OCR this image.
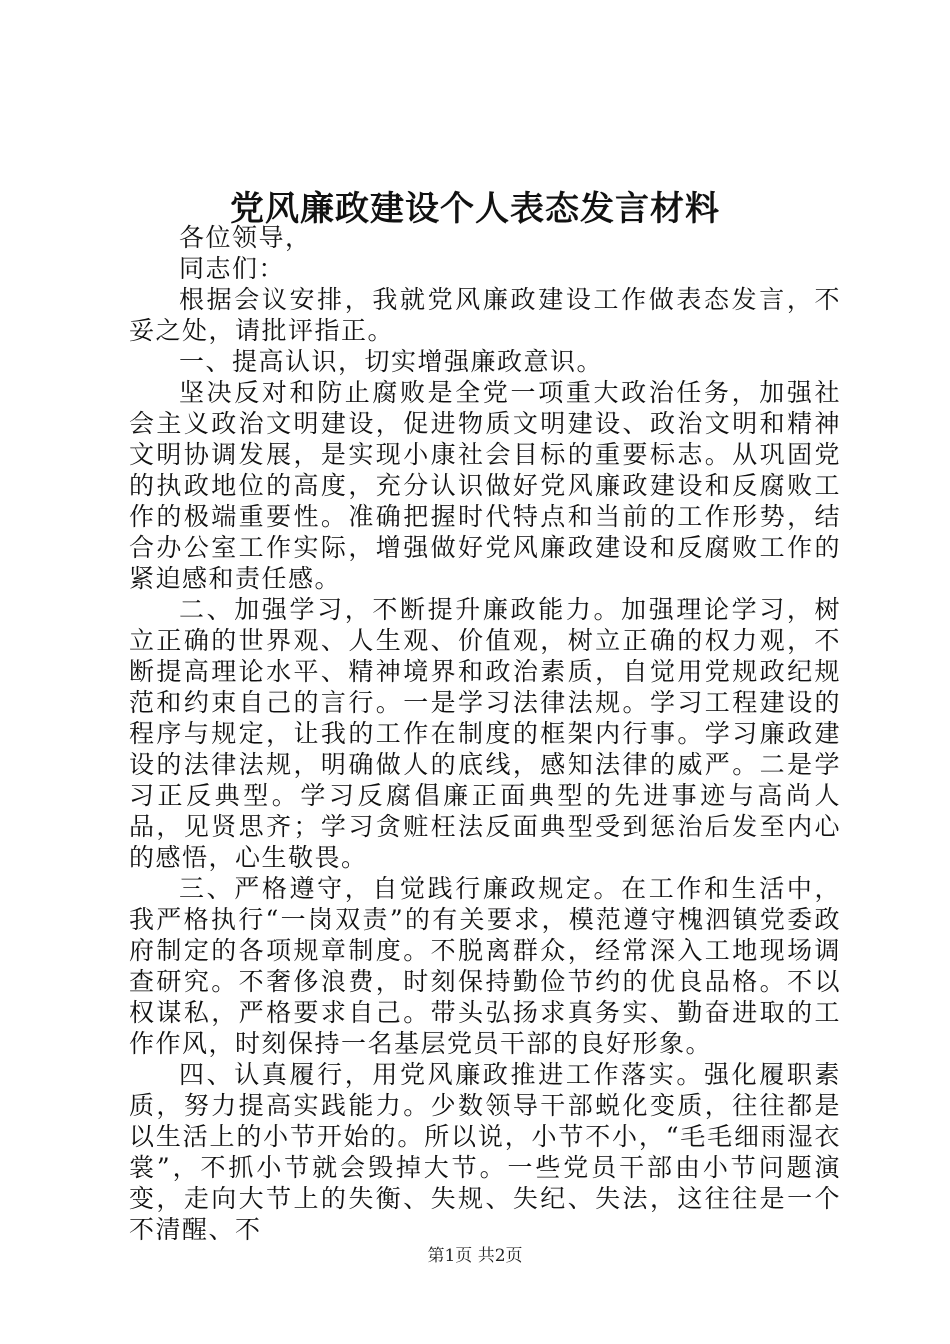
党风廉政建设个人表态发言材料

各位领导，

同志们：

根据会议安排，我就党风廉政建设工作做表态发言，不妥之处，请批评指正。

一、提高认识，切实增强廉政意识。

坚决反对和防止腐败是全党一项重大政治任务，加强社会主义政治文明建设，促进物质文明建设、政治文明和精神文明协调发展，是实现小康社会目标的重要标志。从巩固党的执政地位的高度，充分认识做好党风廉政建设和反腐败工作的极端重要性。准确把握时代特点和当前的工作形势，结合办公室工作实际，增强做好党风廉政建设和反腐败工作的紧迫感和责任感。

二、加强学习，不断提升廉政能力。加强理论学习，树立正确的世界观、人生观、价值观，树立正确的权力观，不断提高理论水平、精神境界和政治素质，自觉用党规政纪规范和约束自己的言行。一是学习法律法规。学习工程建设的程序与规定，让我的工作在制度的框架内行事。学习廉政建设的法律法规，明确做人的底线，感知法律的威严。二是学习正反典型。学习反腐倡廉正面典型的先进事迹与高尚人品，见贤思齐；学习贪赃枉法反面典型受到惩治后发至内心的感悟，心生敬畏。

三、严格遵守，自觉践行廉政规定。在工作和生活中，我严格执行“一岗双责”的有关要求，模范遵守槐泗镇党委政府制定的各项规章制度。不脱离群众，经常深入工地现场调查研究。不奢侈浪费，时刻保持勤俭节约的优良品格。不以权谋私，严格要求自己。带头弘扬求真务实、勤奋进取的工作作风，时刻保持一名基层党员干部的良好形象。

四、认真履行，用党风廉政推进工作落实。强化履职素质，努力提高实践能力。少数领导干部蜕化变质，往往都是以生活上的小节开始的。所以说，小节不小，“毛毛细雨湿衣裳”，不抓小节就会毁掉大节。一些党员干部由小节问题演变，走向大节上的失衡、失规、失纪、失法，这往往是一个不清醒、不

第1页 共2页
